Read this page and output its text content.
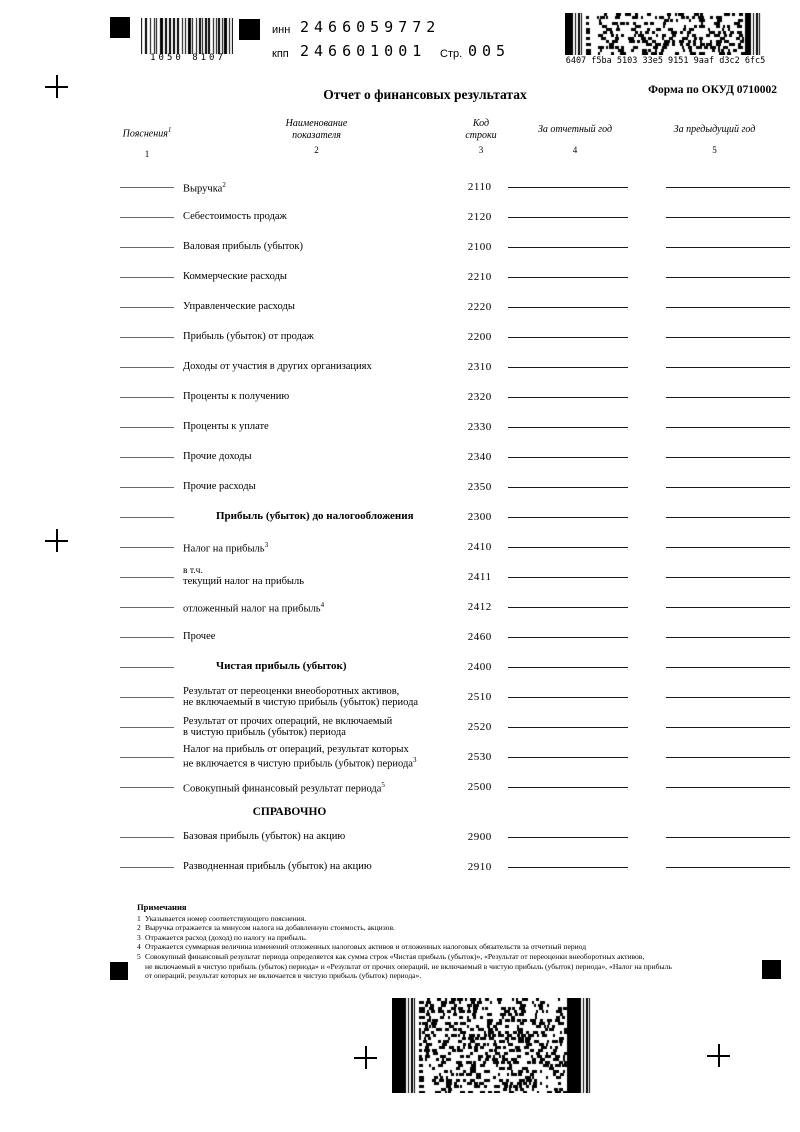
1050 8107
инн 2466059772
кпп 246601001 Стр. 005
6407 f5ba 5103 33e5 9151 9aaf d3c2 6fc5
Отчет о финансовых результатах	Форма по ОКУД 0710002
Пояснения$^1$
1
Наименование
показателя
2
Код
строки
3
За отчетный год
4
За предыдущий год
5
Выручка$^2$	2110
Себестоимость продаж	2120
Валовая прибыль (убыток)	2100
Коммерческие расходы	2210
Управленческие расходы	2220
Прибыль (убыток) от продаж	2200
Доходы от участия в других организациях	2310
Проценты к получению	2320
Проценты к уплате	2330
Прочие доходы	2340
Прочие расходы	2350
Прибыль (убыток) до налогообложения	2300
Налог на прибыль$^3$	2410
в т.ч.
текущий налог на прибыль	2411
отложенный налог на прибыль$^4$	2412
Прочее	2460
Чистая прибыль (убыток)	2400
Результат от переоценки внеоборотных активов,
не включаемый в чистую прибыль (убыток) периода	2510
Результат от прочих операций, не включаемый
в чистую прибыль (убыток) периода	2520
Налог на прибыль от операций, результат которых
не включается в чистую прибыль (убыток) периода$^3$	2530
Совокупный финансовый результат периода$^5$	2500
СПРАВОЧНО
Базовая прибыль (убыток) на акцию	2900
Разводненная прибыль (убыток) на акцию	2910
Примечания
1 Указывается номер соответствующего пояснения.
2 Выручка отражается за минусом налога на добавленную стоимость, акцизов.
3 Отражается расход (доход) по налогу на прибыль.
4 Отражается суммарная величина изменений отложенных налоговых активов и отложенных налоговых обязательств за отчетный период
5 Совокупный финансовый результат периода определяется как сумма строк «Чистая прибыль (убыток)», «Результат от переоценки внеоборотных активов,
не включаемый в чистую прибыль (убыток) периода» и «Результат от прочих операций, не включаемый в чистую прибыль (убыток) периода», «Налог на прибыль
от операций, результат которых не включается в чистую прибыль (убыток) периода».
